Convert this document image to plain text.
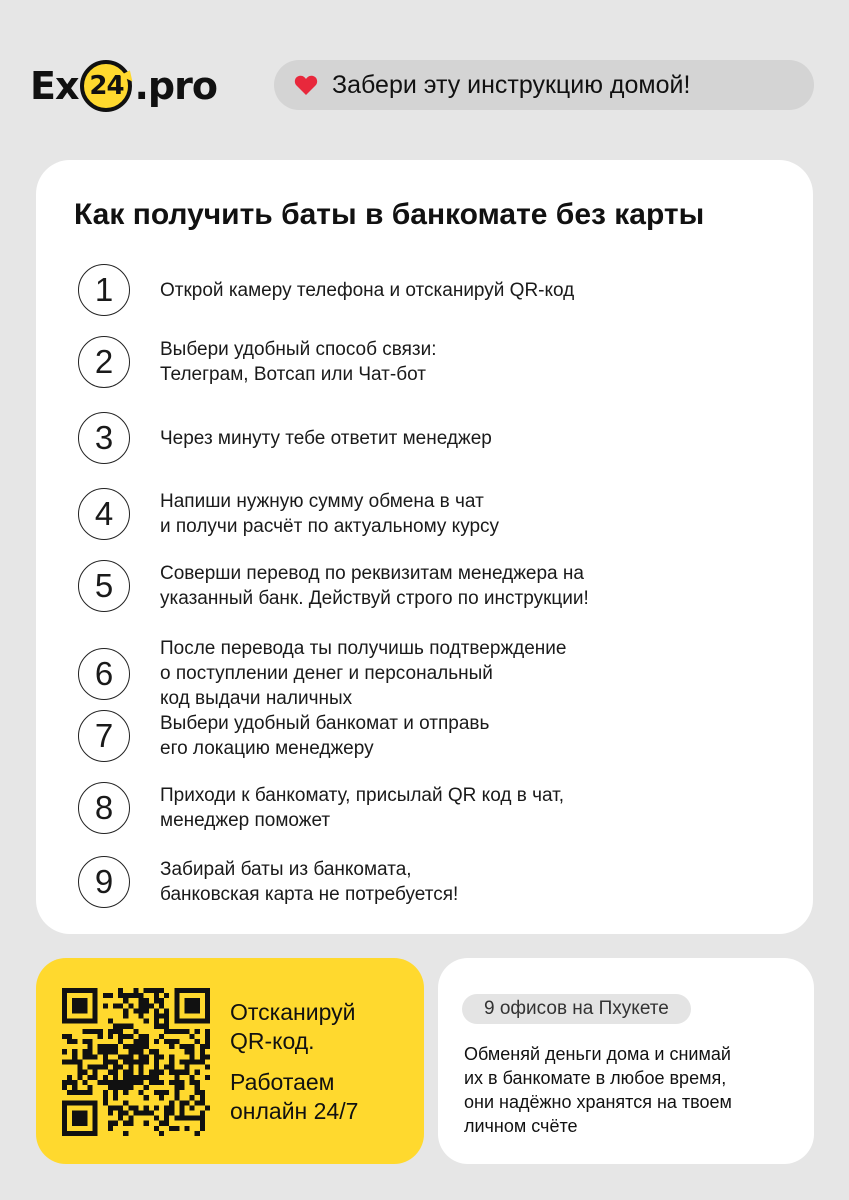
Ex 24 .pro	Забери эту инструкцию домой!
Как получить баты в банкомате без карты
1	Открой камеру телефона и отсканируй QR-код
2	Выбери удобный способ связи:
Телеграм, Вотсап или Чат-бот
3	Через минуту тебе ответит менеджер
4	Напиши нужную сумму обмена в чат
и получи расчёт по актуальному курсу
5	Соверши перевод по реквизитам менеджера на
указанный банк. Действуй строго по инструкции!
6
После перевода ты получишь подтверждение
о поступлении денег и персональный
код выдачи наличных
7	Выбери удобный банкомат и отправь
его локацию менеджеру
8	Приходи к банкомату, присылай QR код в чат,
менеджер поможет
9	Забирай баты из банкомата,
банковская карта не потребуется!
Отсканируй
QR-код.
Работаем
онлайн 24/7
9 офисов на Пхукете
Обменяй деньги дома и снимай
их в банкомате в любое время,
они надёжно хранятся на твоем
личном счёте
